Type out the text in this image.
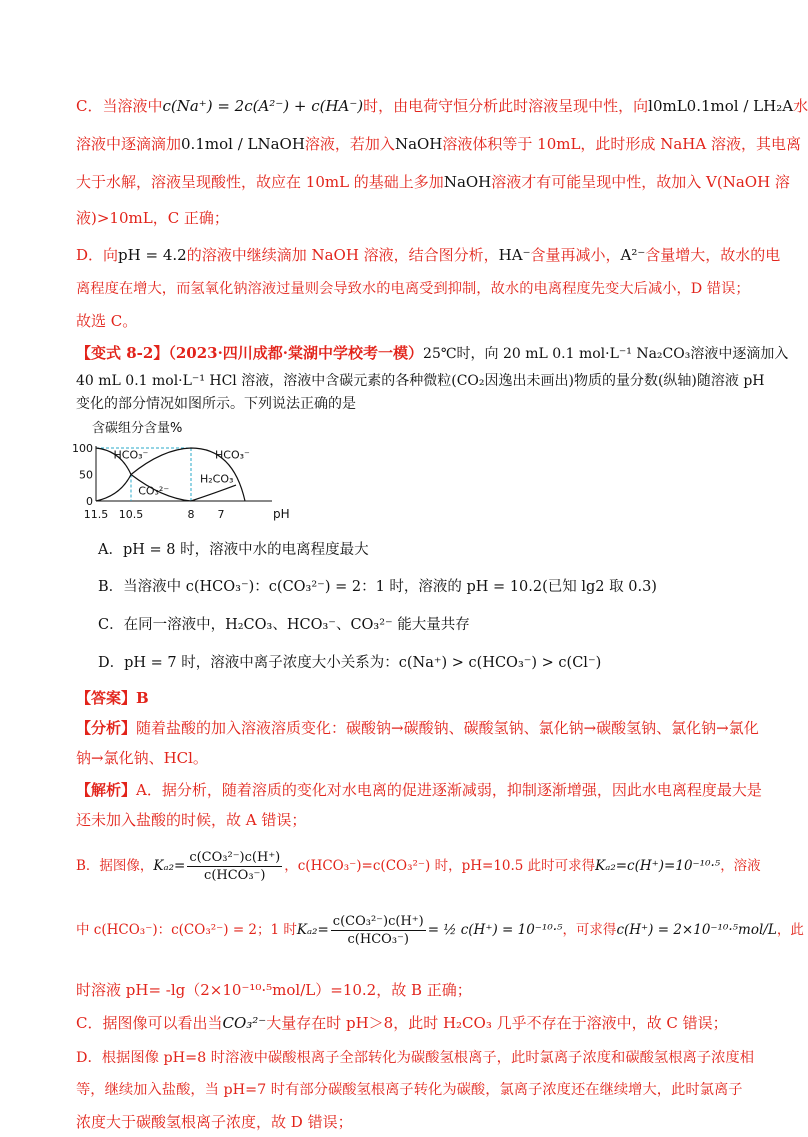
C．当溶液中c(Na⁺) = 2c(A²⁻) + c(HA⁻)时，由电荷守恒分析此时溶液呈现中性，向l0mL0.1mol / LH₂A水
溶液中逐滴滴加0.1mol / LNaOH溶液，若加入NaOH溶液体积等于 10mL，此时形成 NaHA 溶液，其电离
大于水解，溶液呈现酸性，故应在 10mL 的基础上多加NaOH溶液才有可能呈现中性，故加入 V(NaOH 溶
液)>10mL，C 正确；
D．向pH = 4.2的溶液中继续滴加 NaOH 溶液，结合图分析，HA⁻含量再减小，A²⁻含量增大，故水的电
离程度在增大，而氢氧化钠溶液过量则会导致水的电离受到抑制，故水的电离程度先变大后减小，D 错误；
故选 C。
【变式 8-2】（2023·四川成都·棠湖中学校考一模）25℃时，向 20 mL 0.1 mol·L⁻¹ Na₂CO₃溶液中逐滴加入
40 mL 0.1 mol·L⁻¹ HCl 溶液，溶液中含碳元素的各种微粒(CO₂因逸出未画出)物质的量分数(纵轴)随溶液 pH
变化的部分情况如图所示。下列说法正确的是
含碳组分含量%
100
50
0
11.5 10.5	8 7
HCO₃⁻	HCO₃⁻
CO₃²⁻
H₂CO₃
pH
A．pH = 8 时，溶液中水的电离程度最大
B．当溶液中 c(HCO₃⁻)：c(CO₃²⁻) = 2：1 时，溶液的 pH = 10.2(已知 lg2 取 0.3)
C．在同一溶液中，H₂CO₃、HCO₃⁻、CO₃²⁻ 能大量共存
D．pH = 7 时，溶液中离子浓度大小关系为：c(Na⁺) > c(HCO₃⁻) > c(Cl⁻)
【答案】B
【分析】随着盐酸的加入溶液溶质变化：碳酸钠→碳酸钠、碳酸氢钠、氯化钠→碳酸氢钠、氯化钠→氯化
钠→氯化钠、HCl。
【解析】A．据分析，随着溶质的变化对水电离的促进逐渐减弱，抑制逐渐增强，因此水电离程度最大是
还未加入盐酸的时候，故 A 错误；
B．据图像，$K_{a2}= \frac{\text{c(CO₃²⁻)c(H⁺)}}{\text{c(HCO₃⁻)}}$ ，c(HCO₃⁻)=c(CO₃²⁻) 时，pH=10.5 此时可求得Kₐ₂=c(H⁺)=10⁻¹⁰·⁵，溶液
中 c(HCO₃⁻)：c(CO₃²⁻) = 2；1 时$K_{a2}= \frac{\text{c(CO₃²⁻)c(H⁺)}}{\text{c(HCO₃⁻)}}$ = ½ c(H⁺) = 10⁻¹⁰·⁵，可求得c(H⁺) = 2×10⁻¹⁰·⁵mol/L，此
时溶液 pH= -lg（2×10⁻¹⁰·⁵mol/L）=10.2，故 B 正确；
C．据图像可以看出当CO₃²⁻大量存在时 pH＞8，此时 H₂CO₃ 几乎不存在于溶液中，故 C 错误；
D．根据图像 pH=8 时溶液中碳酸根离子全部转化为碳酸氢根离子，此时氯离子浓度和碳酸氢根离子浓度相
等，继续加入盐酸，当 pH=7 时有部分碳酸氢根离子转化为碳酸，氯离子浓度还在继续增大，此时氯离子
浓度大于碳酸氢根离子浓度，故 D 错误；
